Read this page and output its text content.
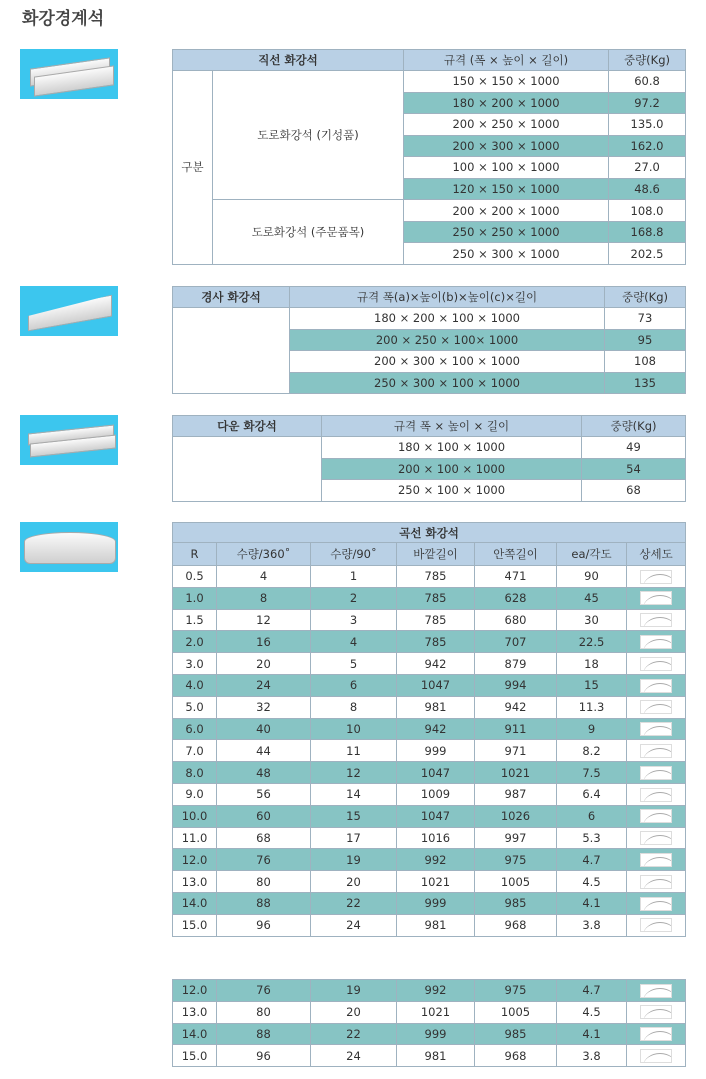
화강경계석
직선 화강석		규격 (폭 × 높이 × 길이)	중량(Kg)
구분	도로화강석 (기성품)	150 × 150 × 1000	60.8
		180 × 200 × 1000	97.2
		200 × 250 × 1000	135.0
		200 × 300 × 1000	162.0
		100 × 100 × 1000	27.0
		120 × 150 × 1000	48.6
	도로화강석 (주문품목)	200 × 200 × 1000	108.0
		250 × 250 × 1000	168.8
		250 × 300 × 1000	202.5
경사 화강석	규격 폭(a)×높이(b)×높이(c)×길이	중량(Kg)
	180 × 200 × 100 × 1000	73
	200 × 250 × 100× 1000	95
	200 × 300 × 100 × 1000	108
	250 × 300 × 100 × 1000	135
다운 화강석	규격 폭 × 높이 × 길이	중량(Kg)
	180 × 100 × 1000	49
	200 × 100 × 1000	54
	250 × 100 × 1000	68
곡선 화강석						
R	수량/360˚	수량/90˚	바깥길이	안쪽길이	ea/각도	상세도
0.5	4	1	785	471	90	
1.0	8	2	785	628	45	
1.5	12	3	785	680	30	
2.0	16	4	785	707	22.5	
3.0	20	5	942	879	18	
4.0	24	6	1047	994	15	
5.0	32	8	981	942	11.3	
6.0	40	10	942	911	9	
7.0	44	11	999	971	8.2	
8.0	48	12	1047	1021	7.5	
9.0	56	14	1009	987	6.4	
10.0	60	15	1047	1026	6	
11.0	68	17	1016	997	5.3	
12.0	76	19	992	975	4.7	
13.0	80	20	1021	1005	4.5	
14.0	88	22	999	985	4.1	
15.0	96	24	981	968	3.8	
12.0	76	19	992	975	4.7	
13.0	80	20	1021	1005	4.5	
14.0	88	22	999	985	4.1	
15.0	96	24	981	968	3.8	
